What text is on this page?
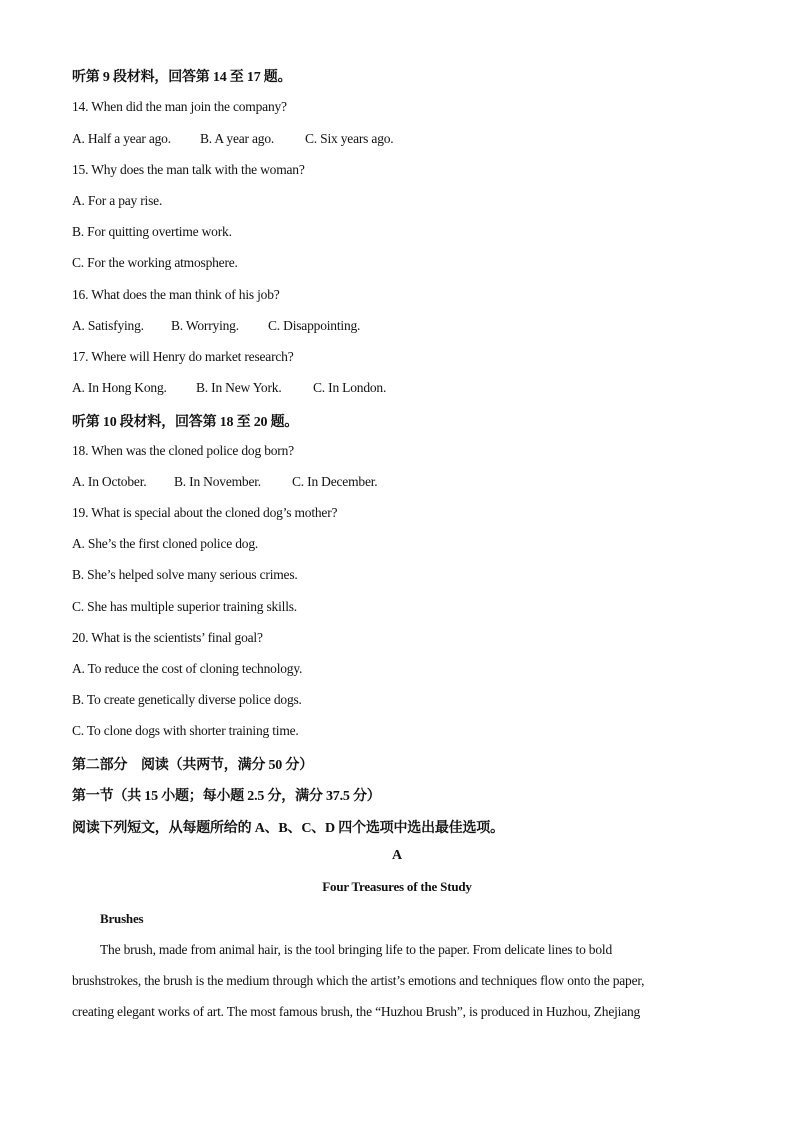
听第 9 段材料，回答第 14 至 17 题。
14. When did the man join the company?
A. Half a year ago. B. A year ago. C. Six years ago.
15. Why does the man talk with the woman?
A. For a pay rise.
B. For quitting overtime work.
C. For the working atmosphere.
16. What does the man think of his job?
A. Satisfying. B. Worrying. C. Disappointing.
17. Where will Henry do market research?
A. In Hong Kong. B. In New York. C. In London.
听第 10 段材料，回答第 18 至 20 题。
18. When was the cloned police dog born?
A. In October. B. In November. C. In December.
19. What is special about the cloned dog’s mother?
A. She’s the first cloned police dog.
B. She’s helped solve many serious crimes.
C. She has multiple superior training skills.
20. What is the scientists’ final goal?
A. To reduce the cost of cloning technology.
B. To create genetically diverse police dogs.
C. To clone dogs with shorter training time.
第二部分　阅读（共两节，满分 50 分）
第一节（共 15 小题；每小题 2.5 分，满分 37.5 分）
阅读下列短文，从每题所给的 A、B、C、D 四个选项中选出最佳选项。
A
Four Treasures of the Study
Brushes
The brush, made from animal hair, is the tool bringing life to the paper. From delicate lines to bold
brushstrokes, the brush is the medium through which the artist’s emotions and techniques flow onto the paper,
creating elegant works of art. The most famous brush, the “Huzhou Brush”, is produced in Huzhou, Zhejiang
